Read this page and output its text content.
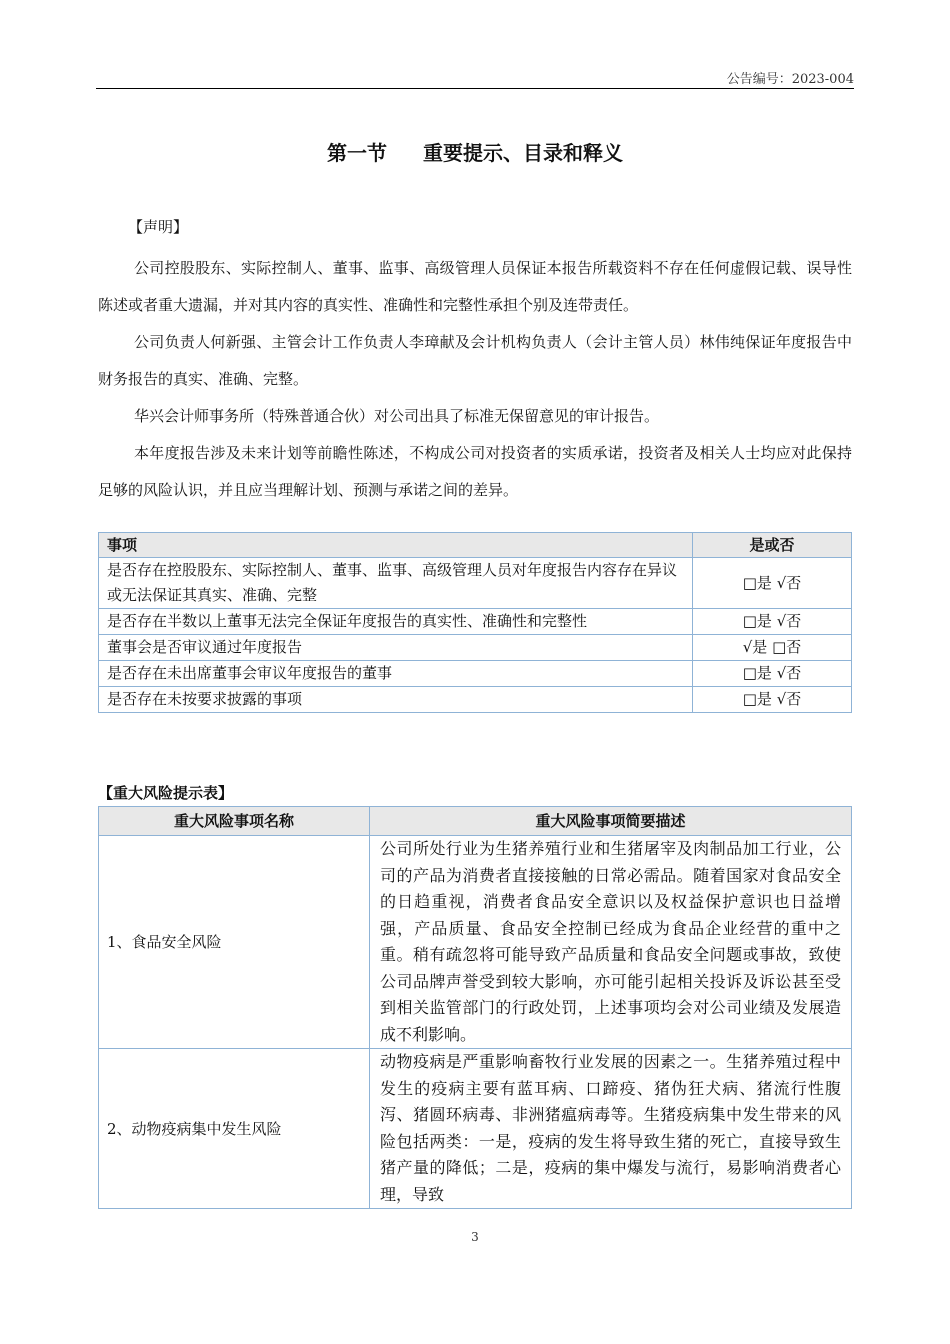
公告编号：2023-004
第一节 重要提示、目录和释义
【声明】

公司控股股东、实际控制人、董事、监事、高级管理人员保证本报告所载资料不存在任何虚假记载、误导性陈述或者重大遗漏，并对其内容的真实性、准确性和完整性承担个别及连带责任。

公司负责人何新强、主管会计工作负责人李璋献及会计机构负责人（会计主管人员）林伟纯保证年度报告中财务报告的真实、准确、完整。

华兴会计师事务所（特殊普通合伙）对公司出具了标准无保留意见的审计报告。

本年度报告涉及未来计划等前瞻性陈述，不构成公司对投资者的实质承诺，投资者及相关人士均应对此保持足够的风险认识，并且应当理解计划、预测与承诺之间的差异。

事项	是或否
是否存在控股股东、实际控制人、董事、监事、高级管理人员对年度报告内容存在异议或无法保证其真实、准确、完整	□是 √否
是否存在半数以上董事无法完全保证年度报告的真实性、准确性和完整性	□是 √否
董事会是否审议通过年度报告	√是 □否
是否存在未出席董事会审议年度报告的董事	□是 √否
是否存在未按要求披露的事项	□是 √否
【重大风险提示表】
重大风险事项名称	重大风险事项简要描述
1、食品安全风险	公司所处行业为生猪养殖行业和生猪屠宰及肉制品加工行业，公司的产品为消费者直接接触的日常必需品。随着国家对食品安全的日趋重视，消费者食品安全意识以及权益保护意识也日益增强，产品质量、食品安全控制已经成为食品企业经营的重中之重。稍有疏忽将可能导致产品质量和食品安全问题或事故，致使公司品牌声誉受到较大影响，亦可能引起相关投诉及诉讼甚至受到相关监管部门的行政处罚，上述事项均会对公司业绩及发展造成不利影响。
2、动物疫病集中发生风险	动物疫病是严重影响畜牧行业发展的因素之一。生猪养殖过程中发生的疫病主要有蓝耳病、口蹄疫、猪伪狂犬病、猪流行性腹泻、猪圆环病毒、非洲猪瘟病毒等。生猪疫病集中发生带来的风险包括两类：一是，疫病的发生将导致生猪的死亡，直接导致生猪产量的降低；二是，疫病的集中爆发与流行，易影响消费者心理，导致
3
